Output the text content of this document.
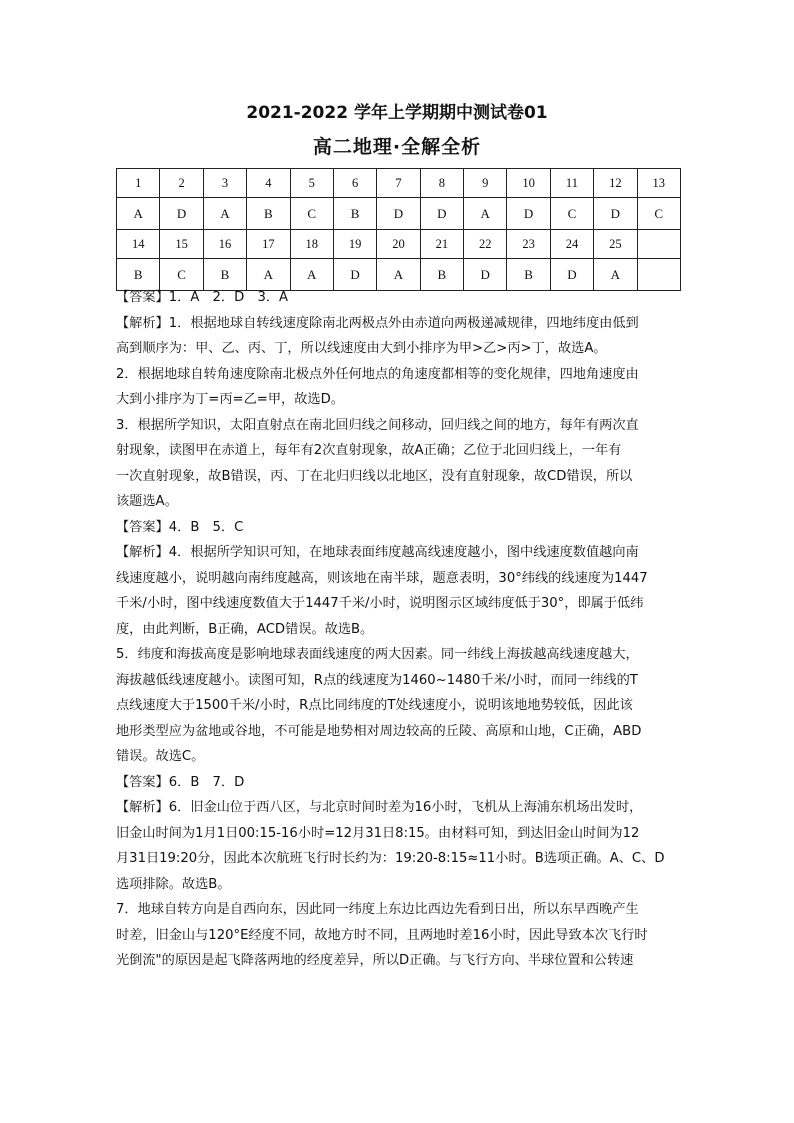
2021-2022 学年上学期期中测试卷01
高二地理·全解全析
1	2	3	4	5	6	7	8	9	10	11	12	13
A	D	A	B	C	B	D	D	A	D	C	D	C
14	15	16	17	18	19	20	21	22	23	24	25	
B	C	B	A	A	D	A	B	D	B	D	A	

【答案】1．A　2．D　3．A

【解析】1．根据地球自转线速度除南北两极点外由赤道向两极递减规律，四地纬度由低到

高到顺序为：甲、乙、丙、丁，所以线速度由大到小排序为甲>乙>丙>丁，故选A。

2．根据地球自转角速度除南北极点外任何地点的角速度都相等的变化规律，四地角速度由

大到小排序为丁=丙=乙=甲，故选D。

3．根据所学知识，太阳直射点在南北回归线之间移动，回归线之间的地方，每年有两次直

射现象，读图甲在赤道上，每年有2次直射现象，故A正确；乙位于北回归线上，一年有

一次直射现象，故B错误，丙、丁在北归归线以北地区，没有直射现象，故CD错误，所以

该题选A。

【答案】4．B　5．C

【解析】4．根据所学知识可知，在地球表面纬度越高线速度越小，图中线速度数值越向南

线速度越小，说明越向南纬度越高，则该地在南半球，题意表明，30°纬线的线速度为1447

千米/小时，图中线速度数值大于1447千米/小时，说明图示区域纬度低于30°，即属于低纬

度，由此判断，B正确，ACD错误。故选B。

5．纬度和海拔高度是影响地球表面线速度的两大因素。同一纬线上海拔越高线速度越大，

海拔越低线速度越小。读图可知，R点的线速度为1460~1480千米/小时，而同一纬线的T

点线速度大于1500千米/小时，R点比同纬度的T处线速度小，说明该地地势较低，因此该

地形类型应为盆地或谷地，不可能是地势相对周边较高的丘陵、高原和山地，C正确，ABD

错误。故选C。

【答案】6．B　7．D

【解析】6．旧金山位于西八区，与北京时间时差为16小时，飞机从上海浦东机场出发时，

旧金山时间为1月1日00:15-16小时=12月31日8:15。由材料可知，到达旧金山时间为12

月31日19:20分，因此本次航班飞行时长约为：19:20-8:15≈11小时。B选项正确。A、C、D

选项排除。故选B。

7．地球自转方向是自西向东，因此同一纬度上东边比西边先看到日出，所以东早西晚产生

时差，旧金山与120°E经度不同，故地方时不同，且两地时差16小时，因此导致本次飞行时

光倒流"的原因是起飞降落两地的经度差异，所以D正确。与飞行方向、半球位置和公转速
